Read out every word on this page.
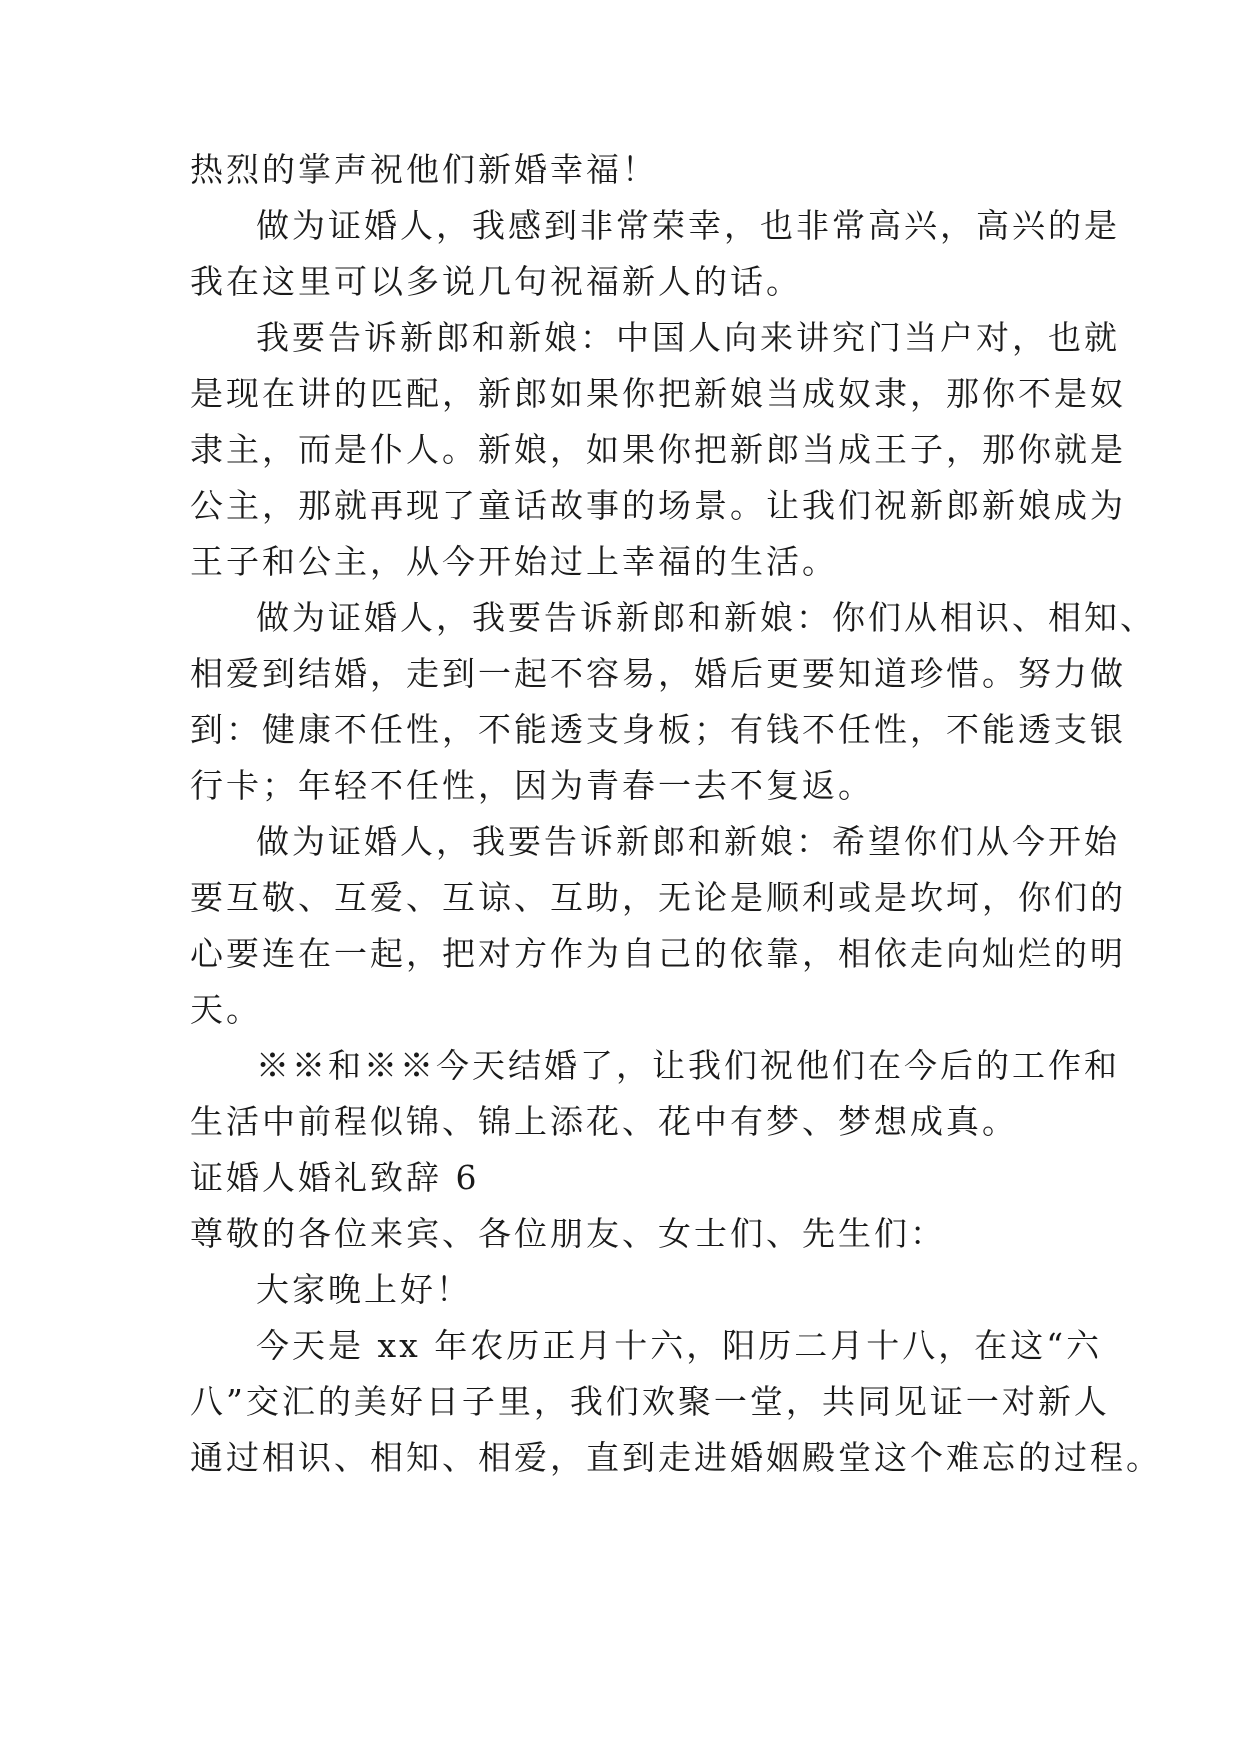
热烈的掌声祝他们新婚幸福！
做为证婚人，我感到非常荣幸，也非常高兴，高兴的是
我在这里可以多说几句祝福新人的话。
我要告诉新郎和新娘：中国人向来讲究门当户对，也就
是现在讲的匹配，新郎如果你把新娘当成奴隶，那你不是奴
隶主，而是仆人。新娘，如果你把新郎当成王子，那你就是
公主，那就再现了童话故事的场景。让我们祝新郎新娘成为
王子和公主，从今开始过上幸福的生活。
做为证婚人，我要告诉新郎和新娘：你们从相识、相知、
相爱到结婚，走到一起不容易，婚后更要知道珍惜。努力做
到：健康不任性，不能透支身板；有钱不任性，不能透支银
行卡；年轻不任性，因为青春一去不复返。
做为证婚人，我要告诉新郎和新娘：希望你们从今开始
要互敬、互爱、互谅、互助，无论是顺利或是坎坷，你们的
心要连在一起，把对方作为自己的依靠，相依走向灿烂的明
天。
※※和※※今天结婚了，让我们祝他们在今后的工作和
生活中前程似锦、锦上添花、花中有梦、梦想成真。
证婚人婚礼致辞 6
尊敬的各位来宾、各位朋友、女士们、先生们：
大家晚上好！
今天是 xx 年农历正月十六，阳历二月十八，在这“六
八”交汇的美好日子里，我们欢聚一堂，共同见证一对新人
通过相识、相知、相爱，直到走进婚姻殿堂这个难忘的过程。
